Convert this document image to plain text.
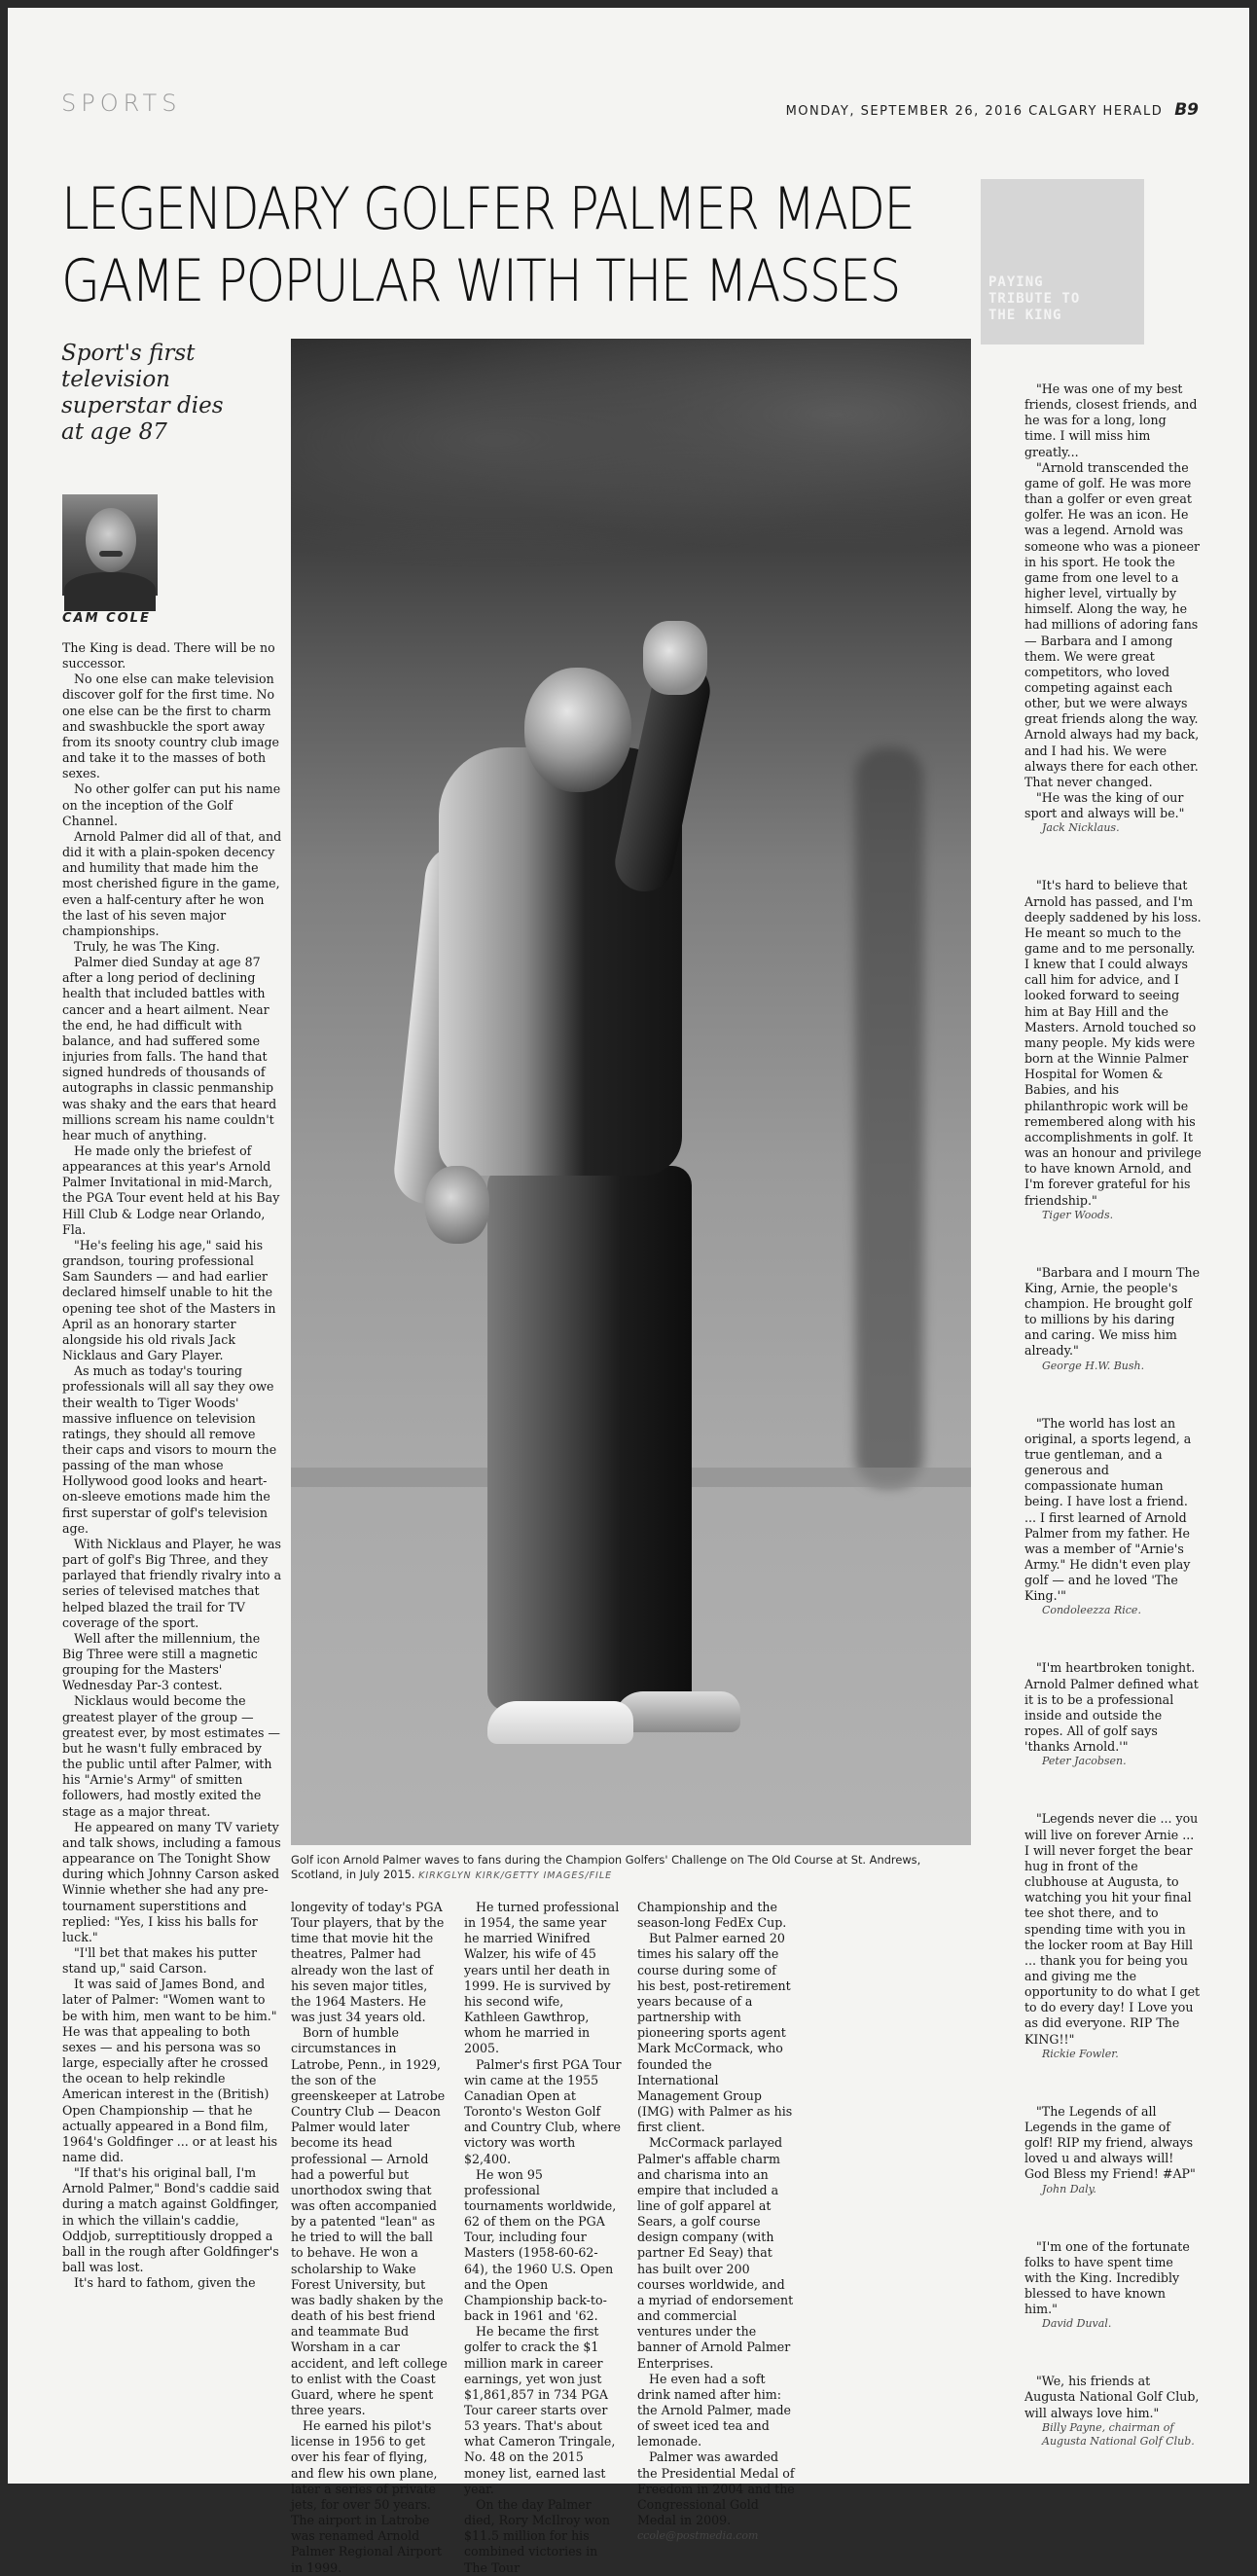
SPORTS	MONDAY, SEPTEMBER 26, 2016 CALGARY HERALD B9
LEGENDARY GOLFER PALMER MADE
GAME POPULAR WITH THE MASSES	PAYING
TRIBUTE TO
THE KING
Sport's first television superstar dies at age 87
CAM COLE

The King is dead. There will be no successor.

No one else can make television discover golf for the first time. No one else can be the first to charm and swashbuckle the sport away from its snooty country club image and take it to the masses of both sexes.

No other golfer can put his name on the inception of the Golf Channel.

Arnold Palmer did all of that, and did it with a plain-spoken decency and humility that made him the most cherished figure in the game, even a half-century after he won the last of his seven major championships.

Truly, he was The King.

Palmer died Sunday at age 87 after a long period of declining health that included battles with cancer and a heart ailment. Near the end, he had difficult with balance, and had suffered some injuries from falls. The hand that signed hundreds of thousands of autographs in classic penmanship was shaky and the ears that heard millions scream his name couldn't hear much of anything.

He made only the briefest of appearances at this year's Arnold Palmer Invitational in mid-March, the PGA Tour event held at his Bay Hill Club & Lodge near Orlando, Fla.

"He's feeling his age," said his grandson, touring professional Sam Saunders — and had earlier declared himself unable to hit the opening tee shot of the Masters in April as an honorary starter alongside his old rivals Jack Nicklaus and Gary Player.

As much as today's touring professionals will all say they owe their wealth to Tiger Woods' massive influence on television ratings, they should all remove their caps and visors to mourn the passing of the man whose Hollywood good looks and heart-on-sleeve emotions made him the first superstar of golf's television age.

With Nicklaus and Player, he was part of golf's Big Three, and they parlayed that friendly rivalry into a series of televised matches that helped blazed the trail for TV coverage of the sport.

Well after the millennium, the Big Three were still a magnetic grouping for the Masters' Wednesday Par-3 contest.

Nicklaus would become the greatest player of the group — greatest ever, by most estimates — but he wasn't fully embraced by the public until after Palmer, with his "Arnie's Army" of smitten followers, had mostly exited the stage as a major threat.

He appeared on many TV variety and talk shows, including a famous appearance on The Tonight Show during which Johnny Carson asked Winnie whether she had any pre-tournament superstitions and replied: "Yes, I kiss his balls for luck."

"I'll bet that makes his putter stand up," said Carson.

It was said of James Bond, and later of Palmer: "Women want to be with him, men want to be him." He was that appealing to both sexes — and his persona was so large, especially after he crossed the ocean to help rekindle American interest in the (British) Open Championship — that he actually appeared in a Bond film, 1964's Goldfinger ... or at least his name did.

"If that's his original ball, I'm Arnold Palmer," Bond's caddie said during a match against Goldfinger, in which the villain's caddie, Oddjob, surreptitiously dropped a ball in the rough after Goldfinger's ball was lost.

It's hard to fathom, given the

Golf icon Arnold Palmer waves to fans during the Champion Golfers' Challenge on The Old Course at St. Andrews, Scotland, in July 2015. KIRKGLYN KIRK/GETTY IMAGES/FILE

longevity of today's PGA Tour players, that by the time that movie hit the theatres, Palmer had already won the last of his seven major titles, the 1964 Masters. He was just 34 years old.

Born of humble circumstances in Latrobe, Penn., in 1929, the son of the greenskeeper at Latrobe Country Club — Deacon Palmer would later become its head professional — Arnold had a powerful but unorthodox swing that was often accompanied by a patented "lean" as he tried to will the ball to behave. He won a scholarship to Wake Forest University, but was badly shaken by the death of his best friend and teammate Bud Worsham in a car accident, and left college to enlist with the Coast Guard, where he spent three years.

He earned his pilot's license in 1956 to get over his fear of flying, and flew his own plane, later a series of private jets, for over 50 years. The airport in Latrobe was renamed Arnold Palmer Regional Airport in 1999.

He turned professional in 1954, the same year he married Winifred Walzer, his wife of 45 years until her death in 1999. He is survived by his second wife, Kathleen Gawthrop, whom he married in 2005.

Palmer's first PGA Tour win came at the 1955 Canadian Open at Toronto's Weston Golf and Country Club, where victory was worth $2,400.

He won 95 professional tournaments worldwide, 62 of them on the PGA Tour, including four Masters (1958-60-62-64), the 1960 U.S. Open and the Open Championship back-to-back in 1961 and '62.

He became the first golfer to crack the $1 million mark in career earnings, yet won just $1,861,857 in 734 PGA Tour career starts over 53 years. That's about what Cameron Tringale, No. 48 on the 2015 money list, earned last year.

On the day Palmer died, Rory McIlroy won $11.5 million for his combined victories in The Tour

Championship and the season-long FedEx Cup.

But Palmer earned 20 times his salary off the course during some of his best, post-retirement years because of a partnership with pioneering sports agent Mark McCormack, who founded the International Management Group (IMG) with Palmer as his first client.

McCormack parlayed Palmer's affable charm and charisma into an empire that included a line of golf apparel at Sears, a golf course design company (with partner Ed Seay) that has built over 200 courses worldwide, and a myriad of endorsement and commercial ventures under the banner of Arnold Palmer Enterprises.

He even had a soft drink named after him: the Arnold Palmer, made of sweet iced tea and lemonade.

Palmer was awarded the Presidential Medal of Freedom in 2004 and the Congressional Gold Medal in 2009.

ccole@postmedia.com

"He was one of my best friends, closest friends, and he was for a long, long time. I will miss him greatly...

"Arnold transcended the game of golf. He was more than a golfer or even great golfer. He was an icon. He was a legend. Arnold was someone who was a pioneer in his sport. He took the game from one level to a higher level, virtually by himself. Along the way, he had millions of adoring fans — Barbara and I among them. We were great competitors, who loved competing against each other, but we were always great friends along the way. Arnold always had my back, and I had his. We were always there for each other. That never changed.

"He was the king of our sport and always will be."

Jack Nicklaus.

"It's hard to believe that Arnold has passed, and I'm deeply saddened by his loss. He meant so much to the game and to me personally. I knew that I could always call him for advice, and I looked forward to seeing him at Bay Hill and the Masters. Arnold touched so many people. My kids were born at the Winnie Palmer Hospital for Women & Babies, and his philanthropic work will be remembered along with his accomplishments in golf. It was an honour and privilege to have known Arnold, and I'm forever grateful for his friendship."

Tiger Woods.

"Barbara and I mourn The King, Arnie, the people's champion. He brought golf to millions by his daring and caring. We miss him already."

George H.W. Bush.

"The world has lost an original, a sports legend, a true gentleman, and a generous and compassionate human being. I have lost a friend. ... I first learned of Arnold Palmer from my father. He was a member of "Arnie's Army." He didn't even play golf — and he loved 'The King.'"

Condoleezza Rice.

"I'm heartbroken tonight. Arnold Palmer defined what it is to be a professional inside and outside the ropes. All of golf says 'thanks Arnold.'"

Peter Jacobsen.

"Legends never die ... you will live on forever Arnie ... I will never forget the bear hug in front of the clubhouse at Augusta, to watching you hit your final tee shot there, and to spending time with you in the locker room at Bay Hill ... thank you for being you and giving me the opportunity to do what I get to do every day! I Love you as did everyone. RIP The KING!!"

Rickie Fowler.

"The Legends of all Legends in the game of golf! RIP my friend, always loved u and always will! God Bless my Friend! #AP"

John Daly.

"I'm one of the fortunate folks to have spent time with the King. Incredibly blessed to have known him."

David Duval.

"We, his friends at Augusta National Golf Club, will always love him."

Billy Payne, chairman of Augusta National Golf Club.
